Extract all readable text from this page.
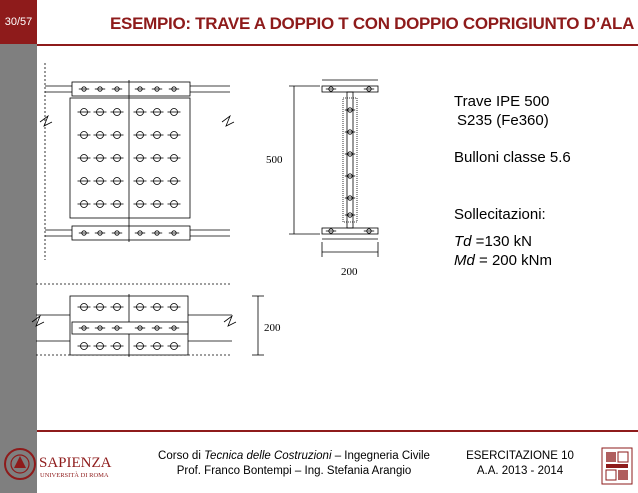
30/57	ESEMPIO: TRAVE A DOPPIO T CON DOPPIO COPRIGIUNTO D’ALA
500
200
200
Trave IPE 500
S235 (Fe360)
Bulloni classe 5.6
Sollecitazioni:
Td =130 kN
Md = 200 kNm
SAPIENZA
UNIVERSITÀ DI ROMA
Corso di Tecnica delle Costruzioni – Ingegneria Civile
Prof. Franco Bontempi – Ing. Stefania Arangio
ESERCITAZIONE 10
A.A. 2013 - 2014
